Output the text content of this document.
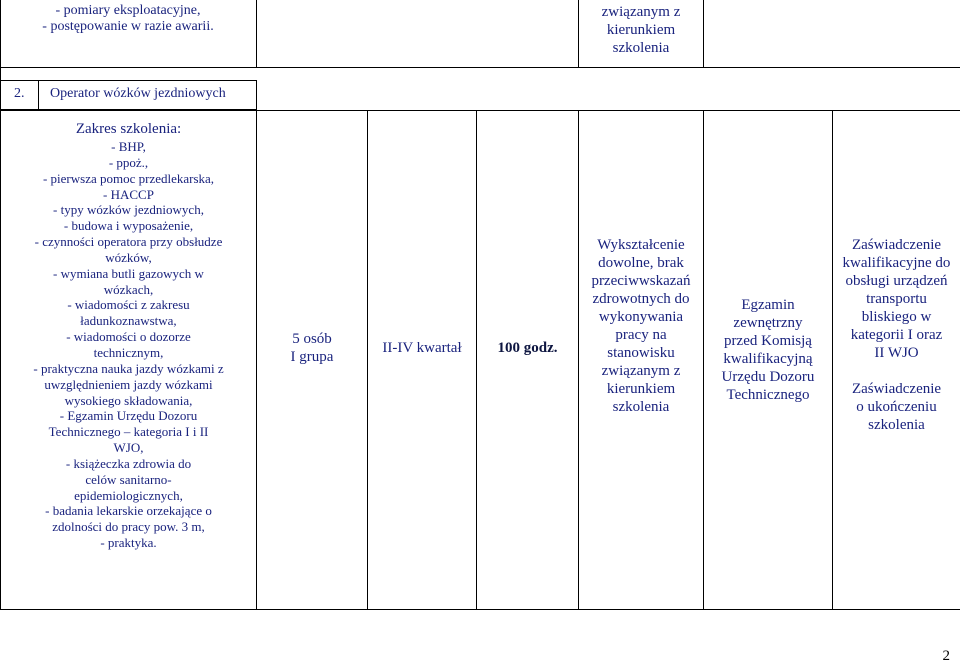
- pomiary eksploatacyjne,
- postępowanie w razie awarii.
związanym z
kierunkiem
szkolenia
2. Operator wózków jezdniowych
Zakres szkolenia:
- BHP,
- ppoż.,
- pierwsza pomoc przedlekarska,
- HACCP
- typy wózków jezdniowych,
- budowa i wyposażenie,
- czynności operatora przy obsłudze
wózków,
- wymiana butli gazowych w
wózkach,
- wiadomości z zakresu
ładunkoznawstwa,
- wiadomości o dozorze
technicznym,
- praktyczna nauka jazdy wózkami z
uwzględnieniem jazdy wózkami
wysokiego składowania,
- Egzamin Urzędu Dozoru
Technicznego – kategoria I i II
WJO,
- książeczka zdrowia do
celów sanitarno-
epidemiologicznych,
- badania lekarskie orzekające o
zdolności do pracy pow. 3 m,
- praktyka.
5 osób
I grupa
II-IV kwartał 100 godz.
Wykształcenie
dowolne, brak
przeciwwskazań
zdrowotnych do
wykonywania
pracy na
stanowisku
związanym z
kierunkiem
szkolenia
Egzamin
zewnętrzny
przed Komisją
kwalifikacyjną
Urzędu Dozoru
Technicznego
Zaświadczenie
kwalifikacyjne do
obsługi urządzeń
transportu
bliskiego w
kategorii I oraz
II WJO
Zaświadczenie
o ukończeniu
szkolenia
2
